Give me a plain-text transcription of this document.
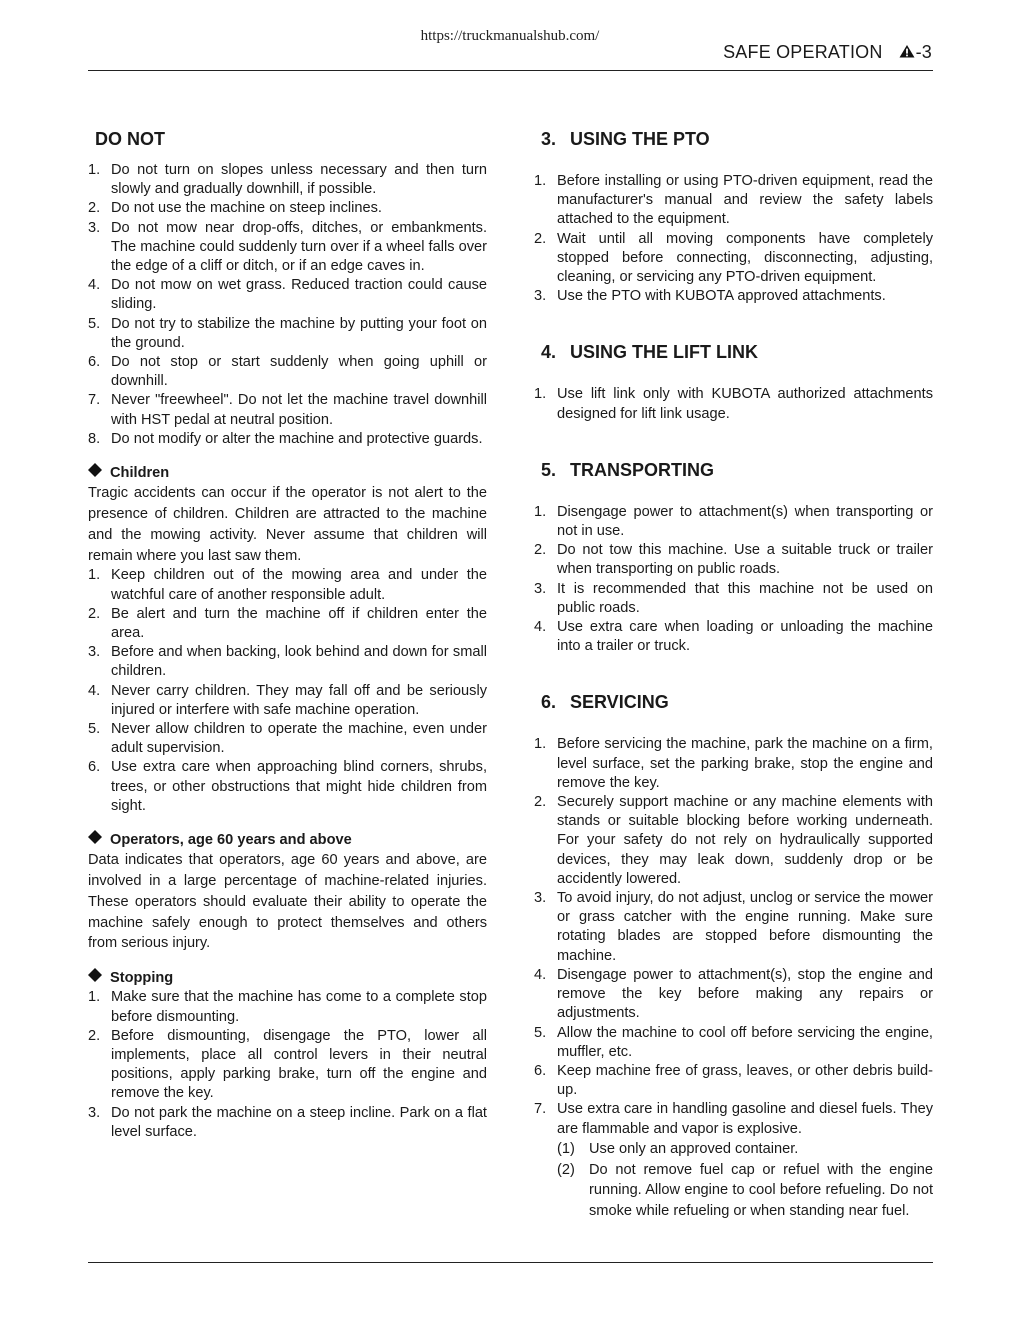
https://truckmanualshub.com/
SAFE OPERATION -3
DO NOT
1. Do not turn on slopes unless necessary and then turn slowly and gradually downhill, if possible.
2. Do not use the machine on steep inclines.
3. Do not mow near drop-offs, ditches, or embankments. The machine could suddenly turn over if a wheel falls over the edge of a cliff or ditch, or if an edge caves in.
4. Do not mow on wet grass. Reduced traction could cause sliding.
5. Do not try to stabilize the machine by putting your foot on the ground.
6. Do not stop or start suddenly when going uphill or downhill.
7. Never "freewheel". Do not let the machine travel downhill with HST pedal at neutral position.
8. Do not modify or alter the machine and protective guards.
Children

Tragic accidents can occur if the operator is not alert to the presence of children. Children are attracted to the machine and the mowing activity. Never assume that children will remain where you last saw them.

1. Keep children out of the mowing area and under the watchful care of another responsible adult.
2. Be alert and turn the machine off if children enter the area.
3. Before and when backing, look behind and down for small children.
4. Never carry children. They may fall off and be seriously injured or interfere with safe machine operation.
5. Never allow children to operate the machine, even under adult supervision.
6. Use extra care when approaching blind corners, shrubs, trees, or other obstructions that might hide children from sight.
Operators, age 60 years and above

Data indicates that operators, age 60 years and above, are involved in a large percentage of machine-related injuries. These operators should evaluate their ability to operate the machine safely enough to protect themselves and others from serious injury.

Stopping
1. Make sure that the machine has come to a complete stop before dismounting.
2. Before dismounting, disengage the PTO, lower all implements, place all control levers in their neutral positions, apply parking brake, turn off the engine and remove the key.
3. Do not park the machine on a steep incline. Park on a flat level surface.
3. USING THE PTO
1. Before installing or using PTO-driven equipment, read the manufacturer's manual and review the safety labels attached to the equipment.
2. Wait until all moving components have completely stopped before connecting, disconnecting, adjusting, cleaning, or servicing any PTO-driven equipment.
3. Use the PTO with KUBOTA approved attachments.
4. USING THE LIFT LINK
1. Use lift link only with KUBOTA authorized attachments designed for lift link usage.
5. TRANSPORTING
1. Disengage power to attachment(s) when transporting or not in use.
2. Do not tow this machine. Use a suitable truck or trailer when transporting on public roads.
3. It is recommended that this machine not be used on public roads.
4. Use extra care when loading or unloading the machine into a trailer or truck.
6. SERVICING
1. Before servicing the machine, park the machine on a firm, level surface, set the parking brake, stop the engine and remove the key.
2. Securely support machine or any machine elements with stands or suitable blocking before working underneath. For your safety do not rely on hydraulically supported devices, they may leak down, suddenly drop or be accidently lowered.
3. To avoid injury, do not adjust, unclog or service the mower or grass catcher with the engine running. Make sure rotating blades are stopped before dismounting the machine.
4. Disengage power to attachment(s), stop the engine and remove the key before making any repairs or adjustments.
5. Allow the machine to cool off before servicing the engine, muffler, etc.
6. Keep machine free of grass, leaves, or other debris build-up.
7. Use extra care in handling gasoline and diesel fuels. They are flammable and vapor is explosive.
(1) Use only an approved container.
(2) Do not remove fuel cap or refuel with the engine running. Allow engine to cool before refueling. Do not smoke while refueling or when standing near fuel.
